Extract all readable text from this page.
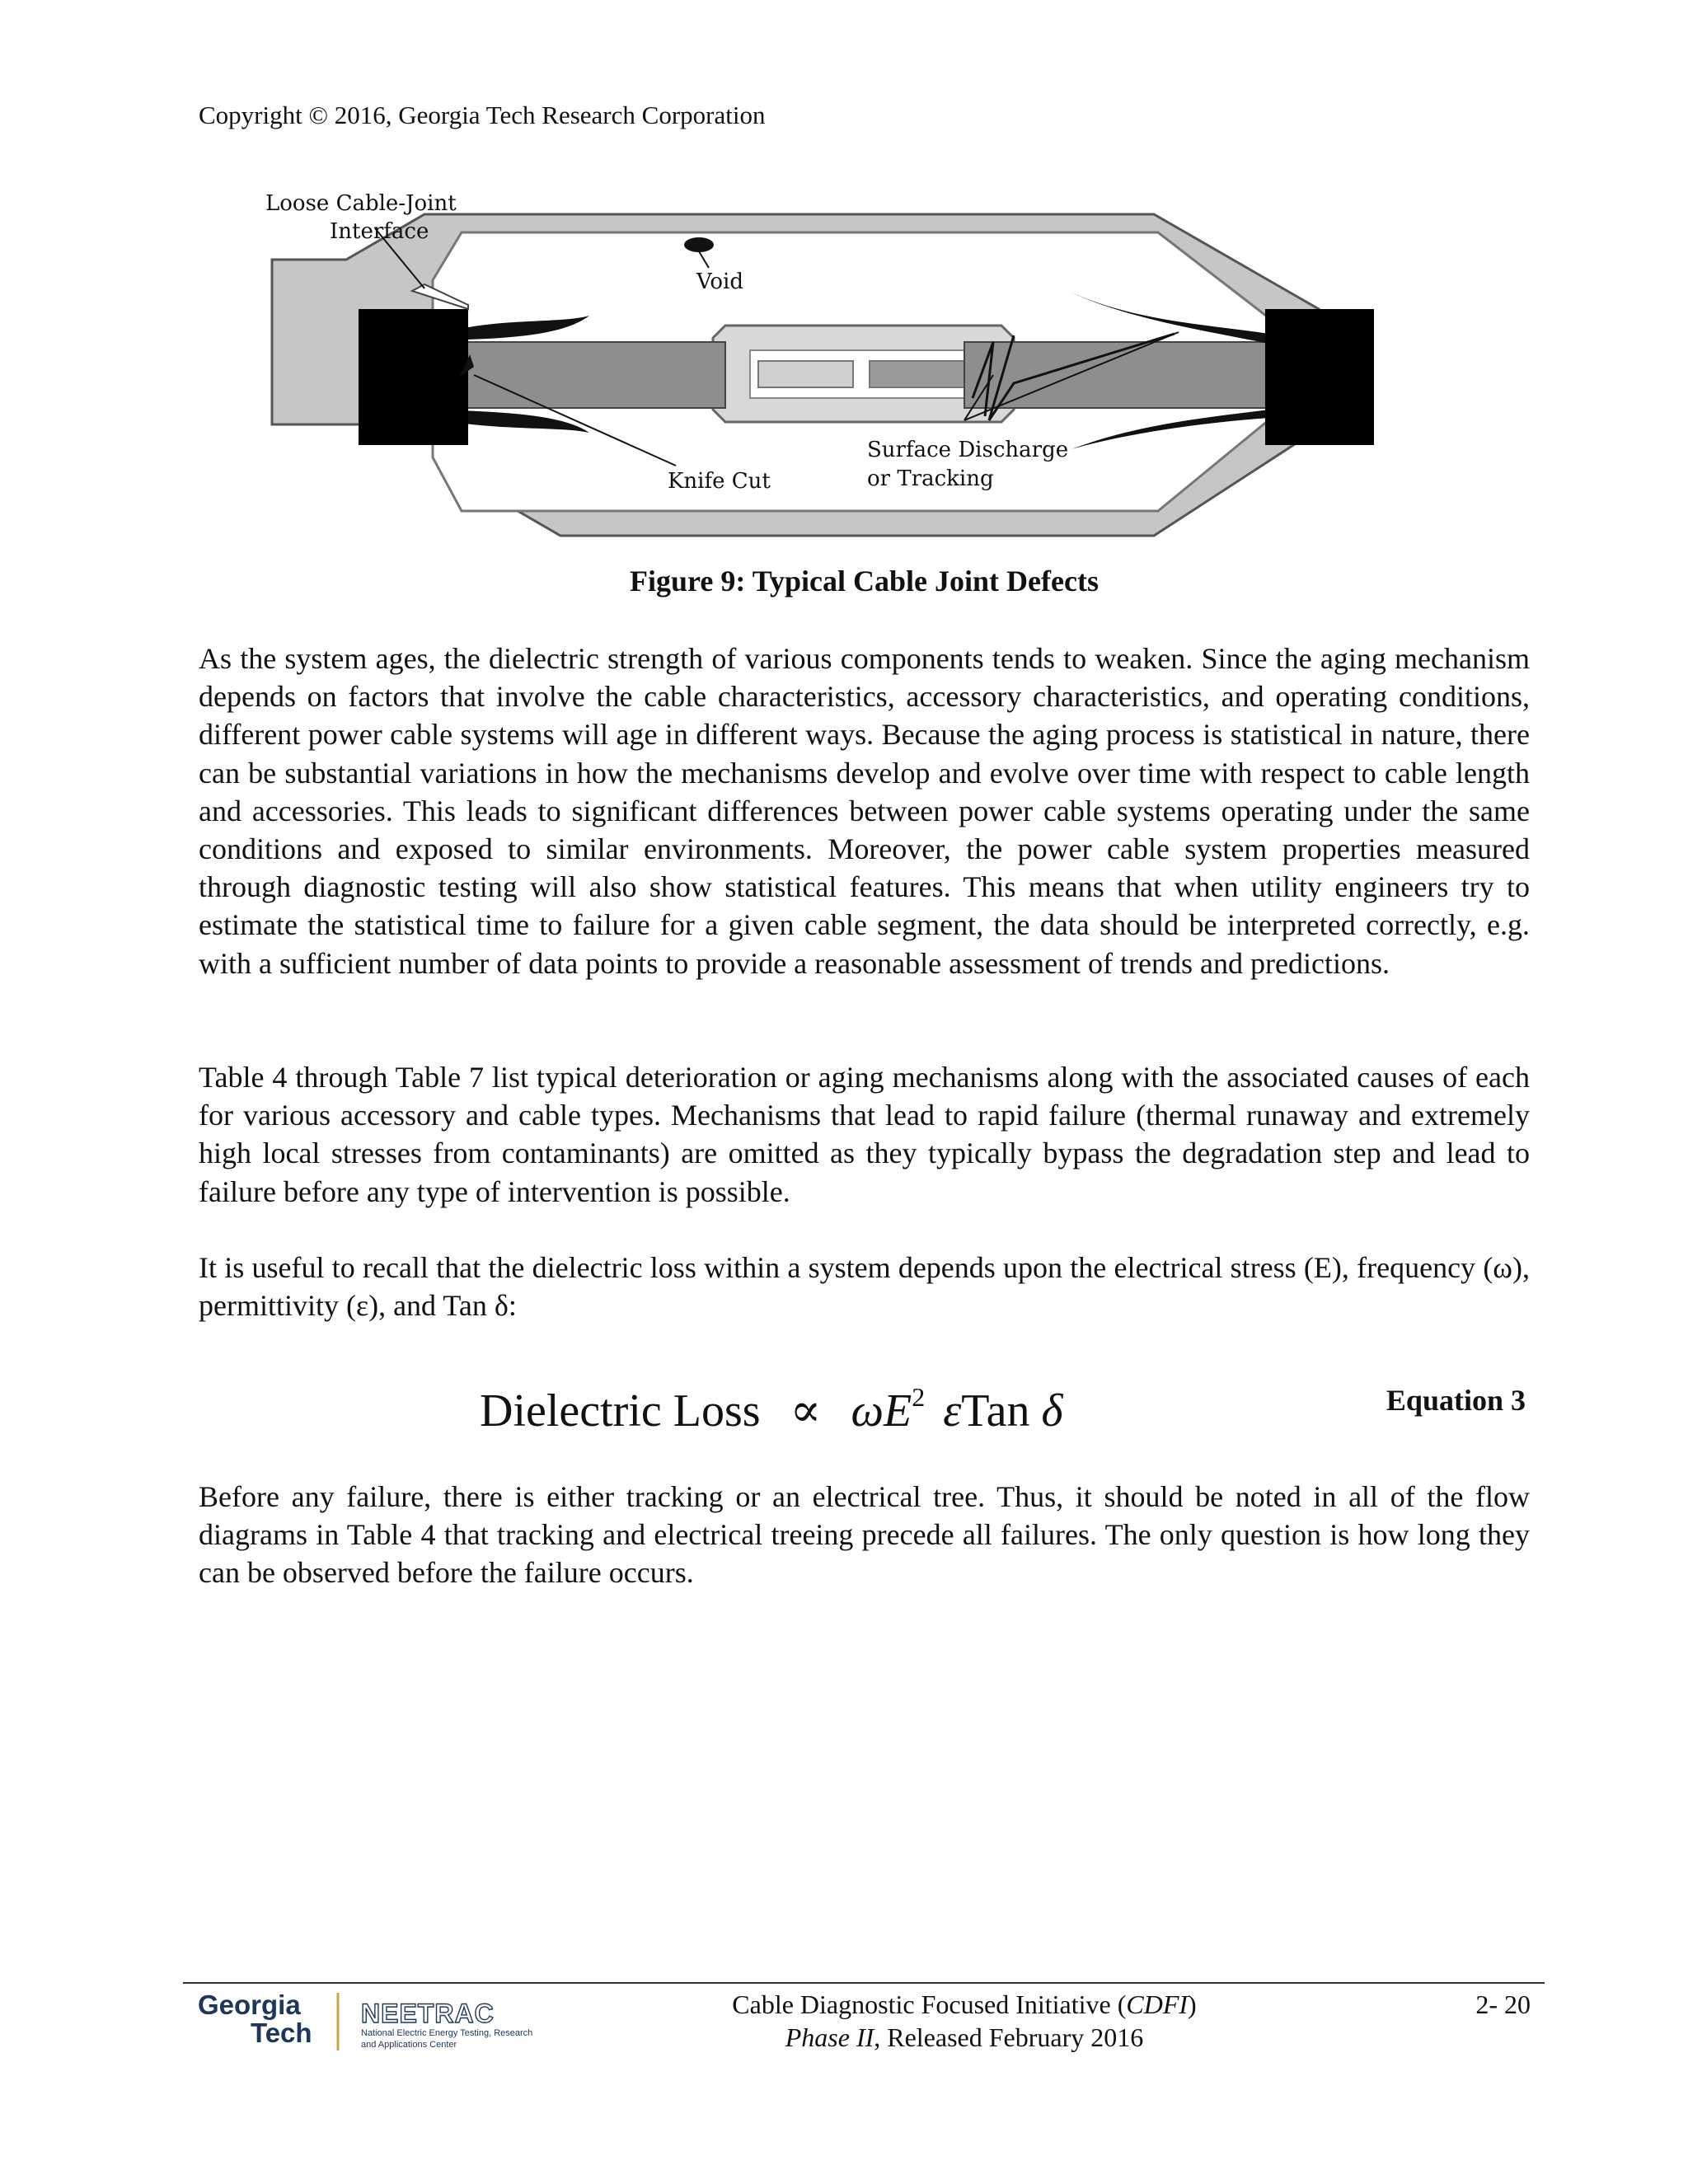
Copyright © 2016, Georgia Tech Research Corporation
Loose Cable-Joint
Interface
Void
Knife Cut
Surface Discharge
or Tracking
Figure 9: Typical Cable Joint Defects

As the system ages, the dielectric strength of various components tends to weaken. Since the aging mechanism depends on factors that involve the cable characteristics, accessory characteristics, and operating conditions, different power cable systems will age in different ways. Because the aging process is statistical in nature, there can be substantial variations in how the mechanisms develop and evolve over time with respect to cable length and accessories. This leads to significant differences between power cable systems operating under the same conditions and exposed to similar environments. Moreover, the power cable system properties measured through diagnostic testing will also show statistical features. This means that when utility engineers try to estimate the statistical time to failure for a given cable segment, the data should be interpreted correctly, e.g. with a sufficient number of data points to provide a reasonable assessment of trends and predictions.

Table 4 through Table 7 list typical deterioration or aging mechanisms along with the associated causes of each for various accessory and cable types. Mechanisms that lead to rapid failure (thermal runaway and extremely high local stresses from contaminants) are omitted as they typically bypass the degradation step and lead to failure before any type of intervention is possible.

It is useful to recall that the dielectric loss within a system depends upon the electrical stress (E), frequency (ω), permittivity (ε), and Tan δ:

Dielectric Loss ∝ $\omega E^2$ εTan δ	Equation 3

Before any failure, there is either tracking or an electrical tree. Thus, it should be noted in all of the flow diagrams in Table 4 that tracking and electrical treeing precede all failures. The only question is how long they can be observed before the failure occurs.

Georgia
Tech
NEETRAC
National Electric Energy Testing, Research
and Applications Center
Cable Diagnostic Focused Initiative (CDFI)
Phase II, Released February 2016
2- 20
